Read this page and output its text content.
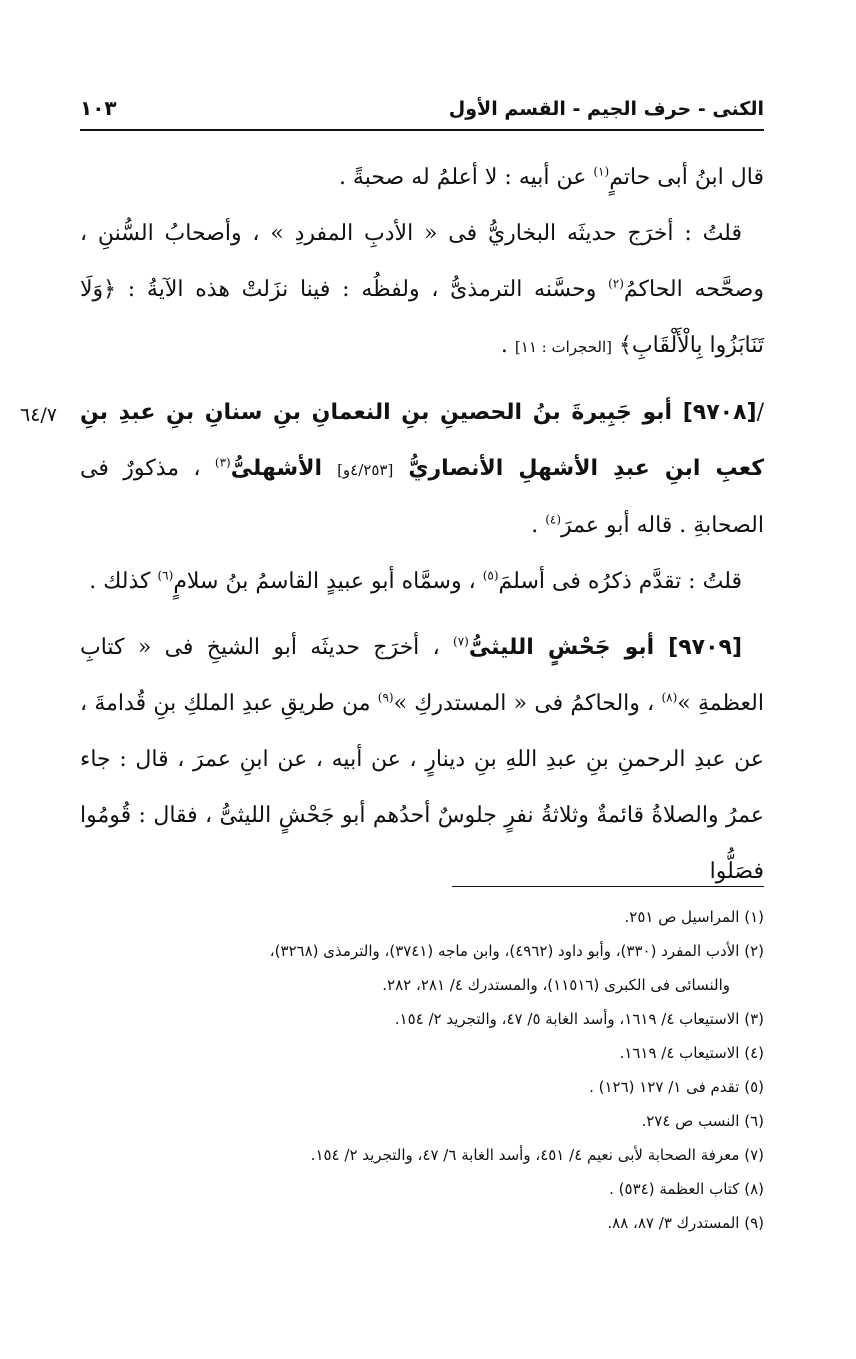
الكنى - حرف الجيم - القسم الأول
١٠٣
٦٤/٧

قال ابنُ أبى حاتمٍ$^{(١)}$ عن أبيه : لا أعلمُ له صحبةً .

قلتُ : أخرَج حديثَه البخاريُّ فى « الأدبِ المفردِ » ، وأصحابُ السُّننِ ، وصحَّحه الحاكمُ$^{(٢)}$ وحسَّنه الترمذىُّ ، ولفظُه : فينا نزَلتْ هذه الآيةُ : ﴿وَلَا تَنَابَزُوا بِالْأَلْقَابِ﴾ [الحجرات : ١١] .

/[٩٧٠٨] أبو جَبِيرةَ بنُ الحصينِ بنِ النعمانِ بنِ سنانِ بنِ عبدِ بنِ كعبِ ابنِ عبدِ الأشهلِ الأنصاريُّ [٤/٢٥٣و] الأشهلىُّ$^{(٣)}$ ، مذكورٌ فى الصحابةِ . قاله أبو عمرَ$^{(٤)}$ .

قلتُ : تقدَّم ذكرُه فى أسلمَ$^{(٥)}$ ، وسمَّاه أبو عبيدٍ القاسمُ بنُ سلامٍ$^{(٦)}$ كذلك .

[٩٧٠٩] أبو جَحْشٍ الليثىُّ$^{(٧)}$ ، أخرَج حديثَه أبو الشيخِ فى « كتابِ العظمةِ »$^{(٨)}$ ، والحاكمُ فى « المستدركِ »$^{(٩)}$ من طريقِ عبدِ الملكِ بنِ قُدامةَ ، عن عبدِ الرحمنِ بنِ عبدِ اللهِ بنِ دينارٍ ، عن أبيه ، عن ابنِ عمرَ ، قال : جاء عمرُ والصلاةُ قائمةٌ وثلاثةُ نفرٍ جلوسٌ أحدُهم أبو جَحْشٍ الليثىُّ ، فقال : قُومُوا فصَلُّوا

(١) المراسيل ص ٢٥١.
(٢) الأدب المفرد (٣٣٠)، وأبو داود (٤٩٦٢)، وابن ماجه (٣٧٤١)، والترمذى (٣٢٦٨)،
والنسائى فى الكبرى (١١٥١٦)، والمستدرك ٤/ ٢٨١، ٢٨٢.
(٣) الاستيعاب ٤/ ١٦١٩، وأسد الغابة ٥/ ٤٧، والتجريد ٢/ ١٥٤.
(٤) الاستيعاب ٤/ ١٦١٩.
(٥) تقدم فى ١/ ١٢٧ (١٢٦) .
(٦) النسب ص ٢٧٤.
(٧) معرفة الصحابة لأبى نعيم ٤/ ٤٥١، وأسد الغابة ٦/ ٤٧، والتجريد ٢/ ١٥٤.
(٨) كتاب العظمة (٥٣٤) .
(٩) المستدرك ٣/ ٨٧، ٨٨.
